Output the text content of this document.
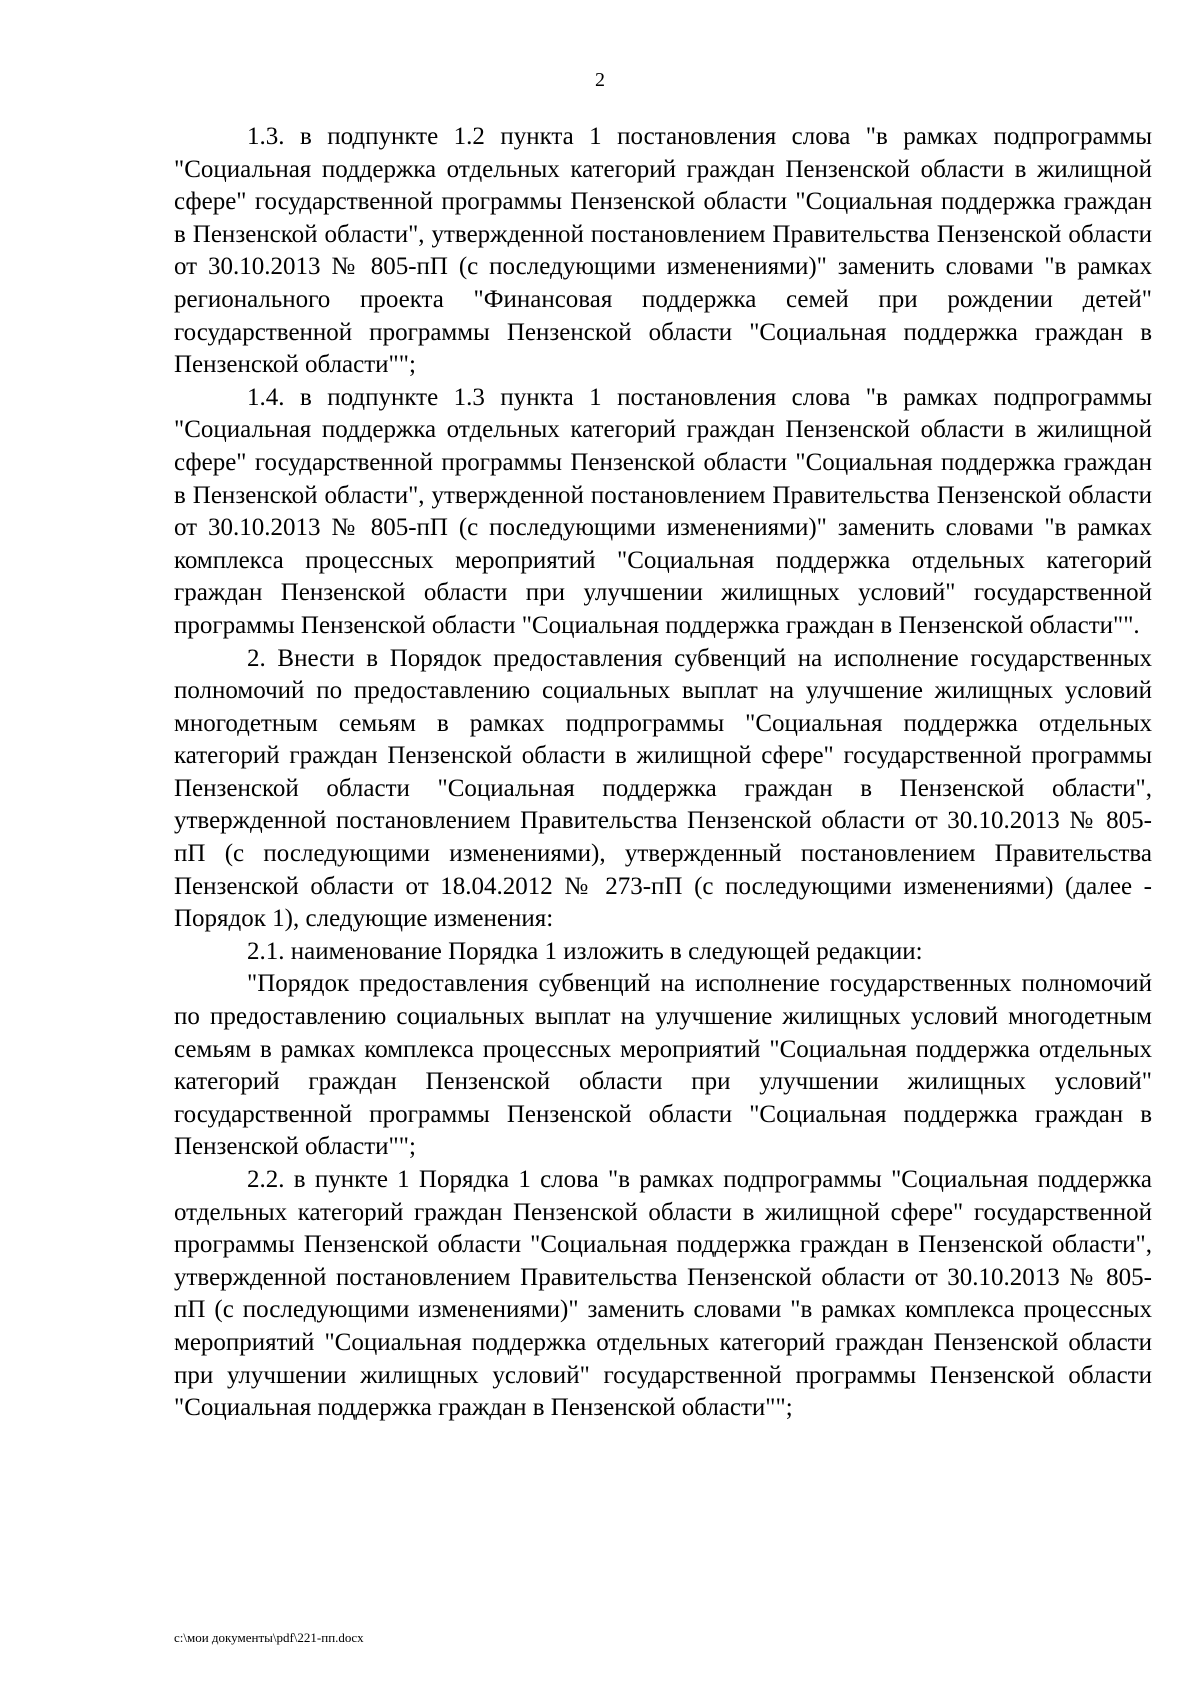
2

1.3. в подпункте 1.2 пункта 1 постановления слова "в рамках подпрограммы "Социальная поддержка отдельных категорий граждан Пензенской области в жилищной сфере" государственной программы Пензенской области "Социальная поддержка граждан в Пензенской области", утвержденной постановлением Правительства Пензенской области от 30.10.2013 № 805-пП (с последующими изменениями)" заменить словами "в рамках регионального проекта "Финансовая поддержка семей при рождении детей" государственной программы Пензенской области "Социальная поддержка граждан в Пензенской области"";

1.4. в подпункте 1.3 пункта 1 постановления слова "в рамках подпрограммы "Социальная поддержка отдельных категорий граждан Пензенской области в жилищной сфере" государственной программы Пензенской области "Социальная поддержка граждан в Пензенской области", утвержденной постановлением Правительства Пензенской области от 30.10.2013 № 805-пП (с последующими изменениями)" заменить словами "в рамках комплекса процессных мероприятий "Социальная поддержка отдельных категорий граждан Пензенской области при улучшении жилищных условий" государственной программы Пензенской области "Социальная поддержка граждан в Пензенской области"".

2. Внести в Порядок предоставления субвенций на исполнение государственных полномочий по предоставлению социальных выплат на улучшение жилищных условий многодетным семьям в рамках подпрограммы "Социальная поддержка отдельных категорий граждан Пензенской области в жилищной сфере" государственной программы Пензенской области "Социальная поддержка граждан в Пензенской области", утвержденной постановлением Правительства Пензенской области от 30.10.2013 № 805-пП (с последующими изменениями), утвержденный постановлением Правительства Пензенской области от 18.04.2012 № 273-пП (с последующими изменениями) (далее - Порядок 1), следующие изменения:

2.1. наименование Порядка 1 изложить в следующей редакции:

"Порядок предоставления субвенций на исполнение государственных полномочий по предоставлению социальных выплат на улучшение жилищных условий многодетным семьям в рамках комплекса процессных мероприятий "Социальная поддержка отдельных категорий граждан Пензенской области при улучшении жилищных условий" государственной программы Пензенской области "Социальная поддержка граждан в Пензенской области"";

2.2. в пункте 1 Порядка 1 слова "в рамках подпрограммы "Социальная поддержка отдельных категорий граждан Пензенской области в жилищной сфере" государственной программы Пензенской области "Социальная поддержка граждан в Пензенской области", утвержденной постановлением Правительства Пензенской области от 30.10.2013 № 805-пП (с последующими изменениями)" заменить словами "в рамках комплекса процессных мероприятий "Социальная поддержка отдельных категорий граждан Пензенской области при улучшении жилищных условий" государственной программы Пензенской области "Социальная поддержка граждан в Пензенской области"";

c:\мои документы\pdf\221-пп.docx
